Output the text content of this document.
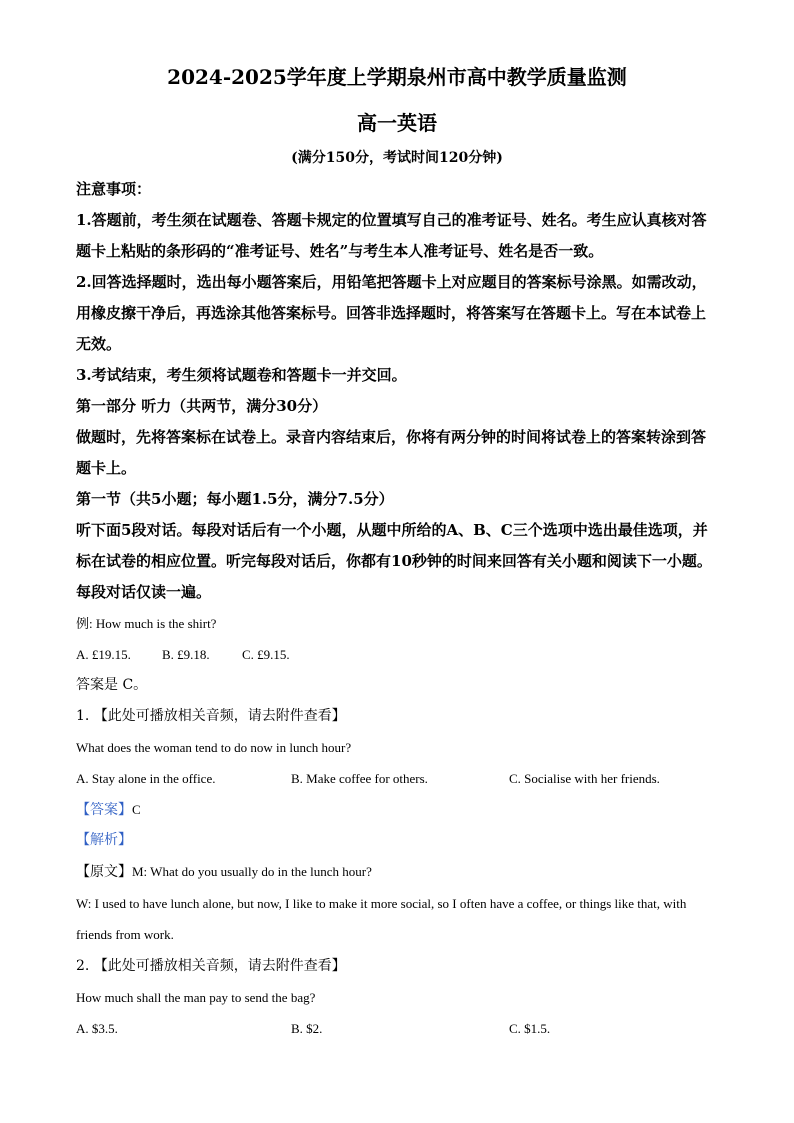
2024-2025学年度上学期泉州市高中教学质量监测
高一英语
(满分150分，考试时间120分钟)

注意事项：

1.答题前，考生须在试题卷、答题卡规定的位置填写自己的准考证号、姓名。考生应认真核对答题卡上粘贴的条形码的“准考证号、姓名”与考生本人准考证号、姓名是否一致。

2.回答选择题时，选出每小题答案后，用铅笔把答题卡上对应题目的答案标号涂黑。如需改动，用橡皮擦干净后，再选涂其他答案标号。回答非选择题时，将答案写在答题卡上。写在本试卷上无效。

3.考试结束，考生须将试题卷和答题卡一并交回。

第一部分 听力（共两节，满分30分）

做题时，先将答案标在试卷上。录音内容结束后，你将有两分钟的时间将试卷上的答案转涂到答题卡上。

第一节（共5小题；每小题1.5分，满分7.5分）

听下面5段对话。每段对话后有一个小题，从题中所给的A、B、C三个选项中选出最佳选项，并标在试卷的相应位置。听完每段对话后，你都有10秒钟的时间来回答有关小题和阅读下一小题。每段对话仅读一遍。

例: How much is the shirt?
A. £19.15. B. £9.18. C. £9.15.
答案是 C。
1. 【此处可播放相关音频，请去附件查看】
What does the woman tend to do now in lunch hour?
A. Stay alone in the office.	B. Make coffee for others.	C. Socialise with her friends.
【答案】C
【解析】
【原文】M: What do you usually do in the lunch hour?
W: I used to have lunch alone, but now, I like to make it more social, so I often have a coffee, or things like that, with friends from work.
2. 【此处可播放相关音频，请去附件查看】
How much shall the man pay to send the bag?
A. $3.5.	B. $2.	C. $1.5.
